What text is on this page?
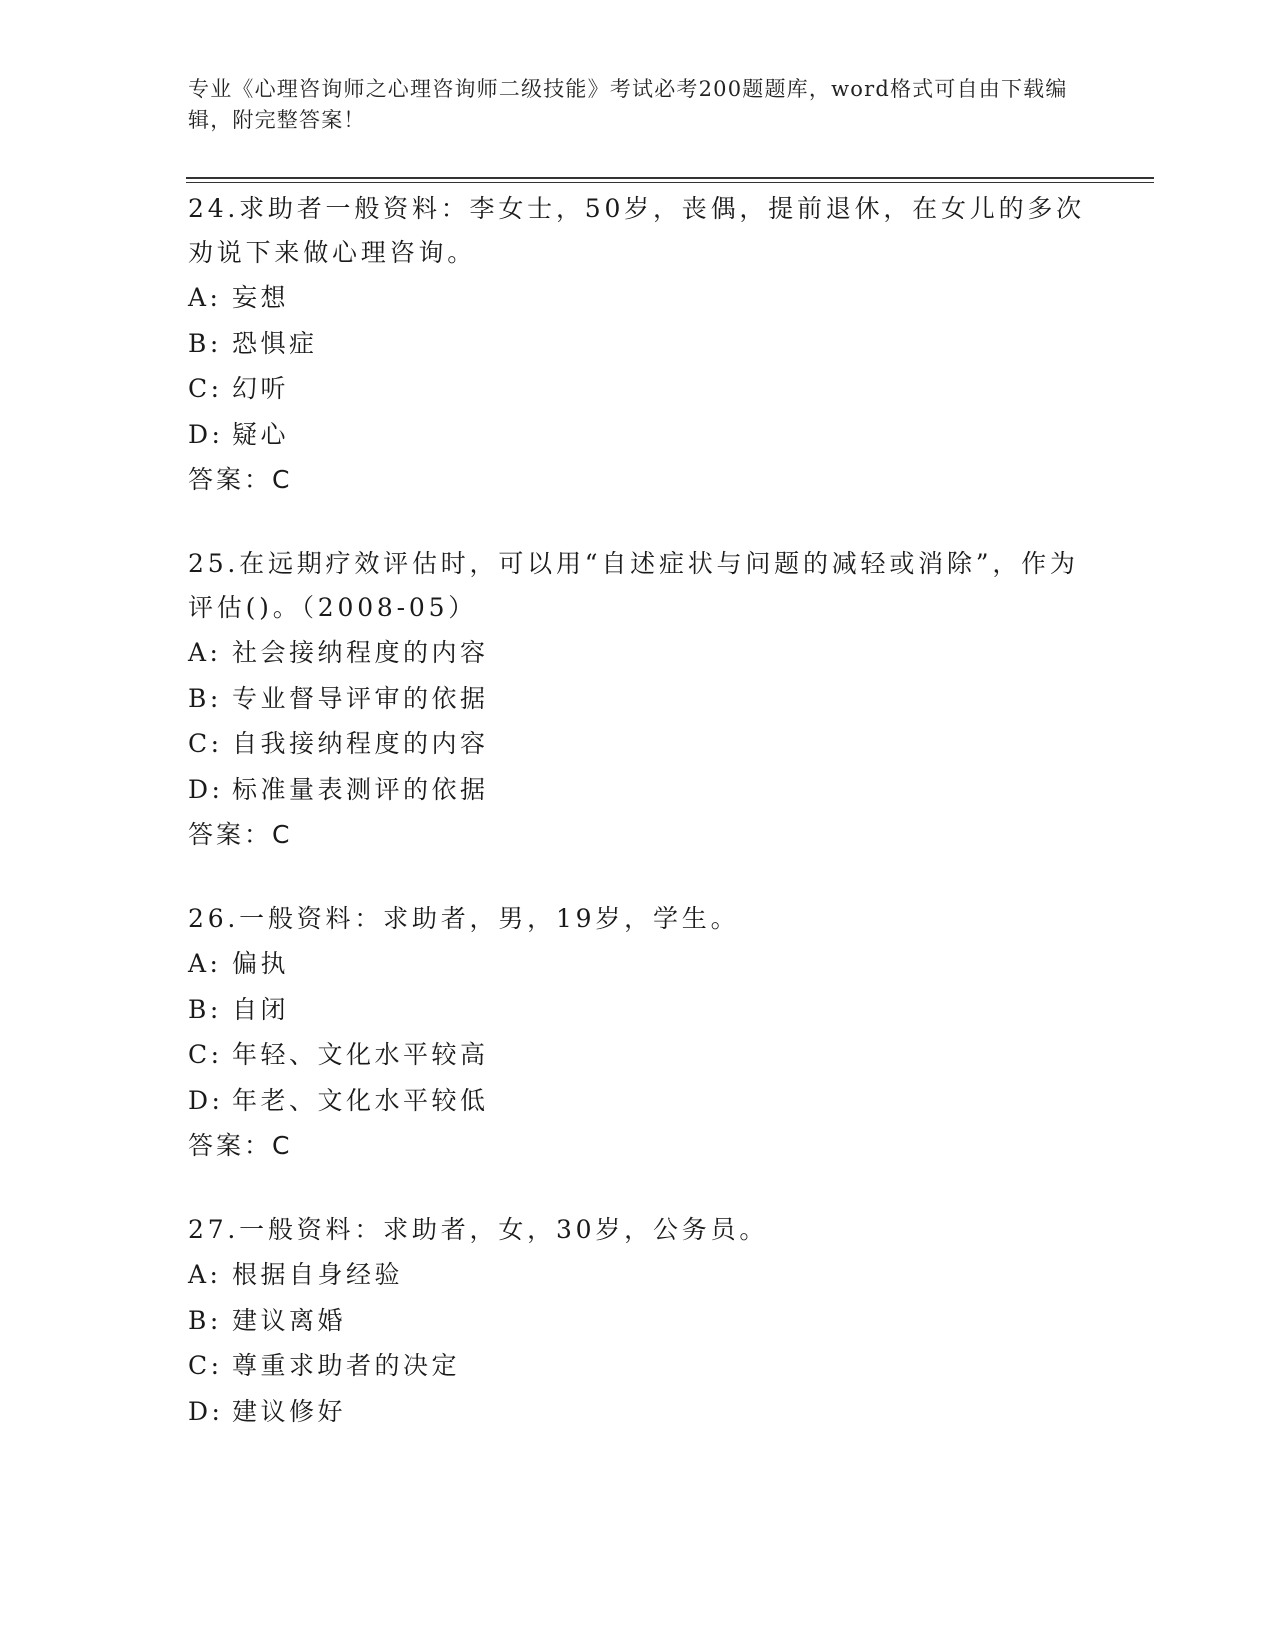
专业《心理咨询师之心理咨询师二级技能》考试必考200题题库，word格式可自由下载编辑，附完整答案！

24.求助者一般资料：李女士，50岁，丧偶，提前退休，在女儿的多次劝说下来做心理咨询。

A: 妄想
B: 恐惧症
C: 幻听
D: 疑心
答案：C

25.在远期疗效评估时，可以用“自述症状与问题的减轻或消除”，作为评估()。（2008-05）

A: 社会接纳程度的内容
B: 专业督导评审的依据
C: 自我接纳程度的内容
D: 标准量表测评的依据
答案：C

26.一般资料：求助者，男，19岁，学生。

A: 偏执
B: 自闭
C: 年轻、文化水平较高
D: 年老、文化水平较低
答案：C

27.一般资料：求助者，女，30岁，公务员。

A: 根据自身经验
B: 建议离婚
C: 尊重求助者的决定
D: 建议修好
